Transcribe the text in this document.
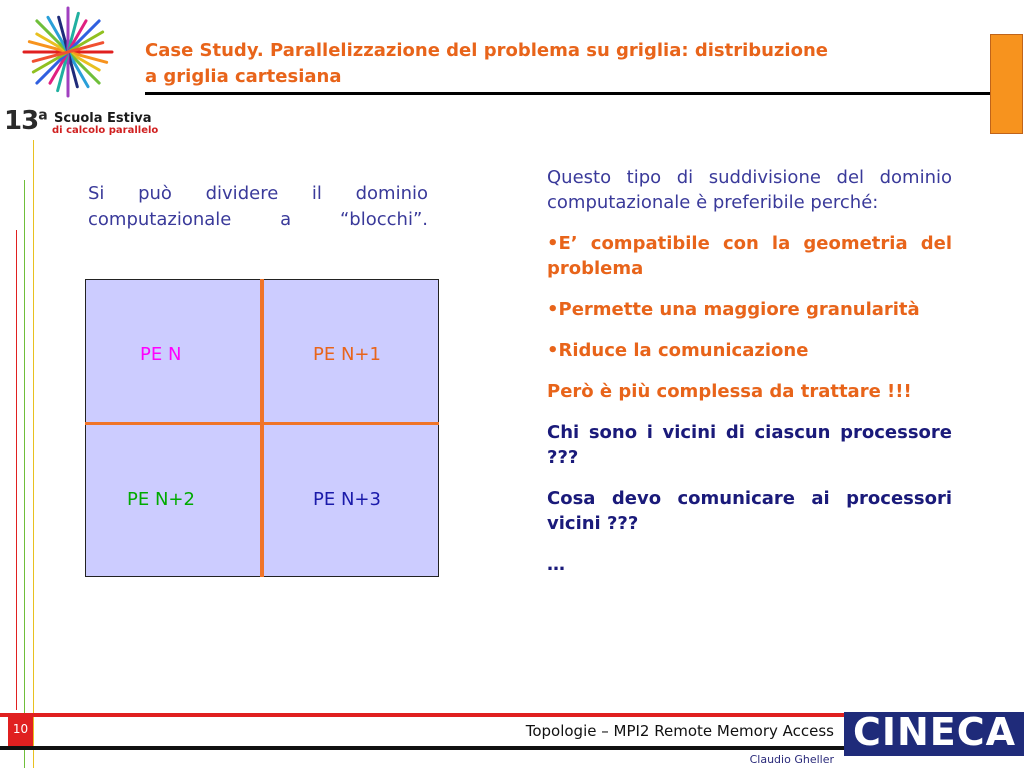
13$^a$ Scuola Estiva
di calcolo parallelo
Case Study. Parallelizzazione del problema su griglia: distribuzione
a griglia cartesiana
Si può dividere il dominio computazionale a “blocchi”.
PE N	PE N+1
PE N+2	PE N+3

Questo tipo di suddivisione del dominio computazionale è preferibile perché:

•E’ compatibile con la geometria del problema

•Permette una maggiore granularità

•Riduce la comunicazione

Però è più complessa da trattare !!!

Chi sono i vicini di ciascun processore ???

Cosa devo comunicare ai processori vicini ???

…

10	Topologie – MPI2 Remote Memory Access CINECA
Claudio Gheller
